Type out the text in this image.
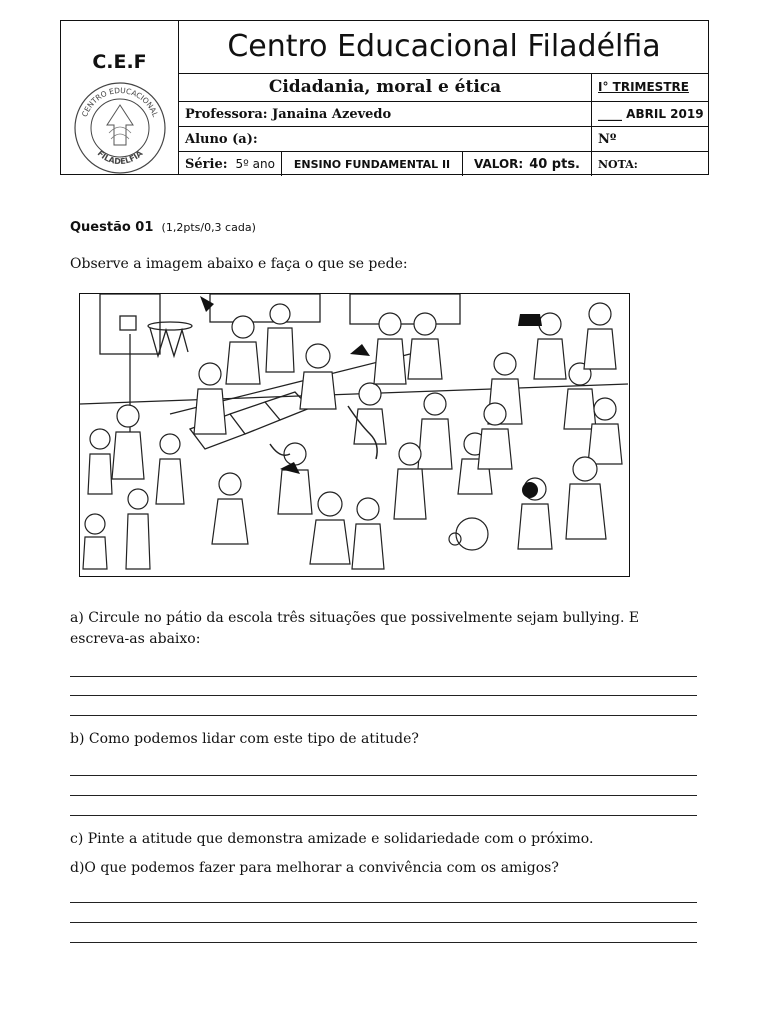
C.E.F
CENTRO EDUCACIONAL
FILADÉLFIA
Centro Educacional Filadélfia
Cidadania, moral e ética	I° TRIMESTRE
Professora: Janaina Azevedo	____ ABRIL 2019
Aluno (a):	Nº
Série: 5º ano	ENSINO FUNDAMENTAL II	VALOR: 40 pts.	NOTA:
Questão 01 (1,2pts/0,3 cada)
Observe a imagem abaixo e faça o que se pede:
a) Circule no pátio da escola três situações que possivelmente sejam bullying. E
escreva-as abaixo:
b) Como podemos lidar com este tipo de atitude?
c) Pinte a atitude que demonstra amizade e solidariedade com o próximo.
d)O que podemos fazer para melhorar a convivência com os amigos?
